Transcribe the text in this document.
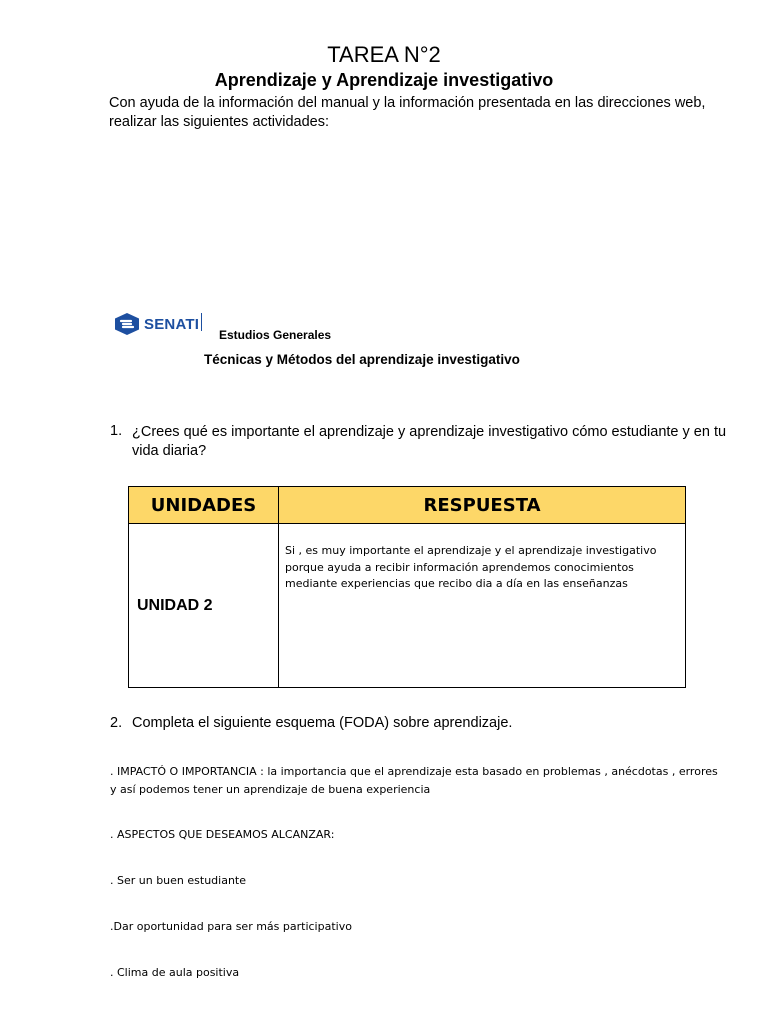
TAREA N°2
Aprendizaje y Aprendizaje investigativo
Con ayuda de la información del manual y la información presentada en las direcciones web, realizar las siguientes actividades:
SENATI
Estudios Generales
Técnicas y Métodos del aprendizaje investigativo
1. ¿Crees qué es importante el aprendizaje y aprendizaje investigativo cómo estudiante y en tu vida diaria?
UNIDADES	RESPUESTA
UNIDAD 2	Si , es muy importante el aprendizaje y el aprendizaje investigativo porque ayuda a recibir información aprendemos conocimientos mediante experiencias que recibo dia a día en las enseñanzas
2. Completa el siguiente esquema (FODA) sobre aprendizaje.
. IMPACTÓ O IMPORTANCIA : la importancia que el aprendizaje esta basado en problemas , anécdotas , errores y así podemos tener un aprendizaje de buena experiencia
. ASPECTOS QUE DESEAMOS ALCANZAR:
. Ser un buen estudiante
.Dar oportunidad para ser más participativo
. Clima de aula positiva
